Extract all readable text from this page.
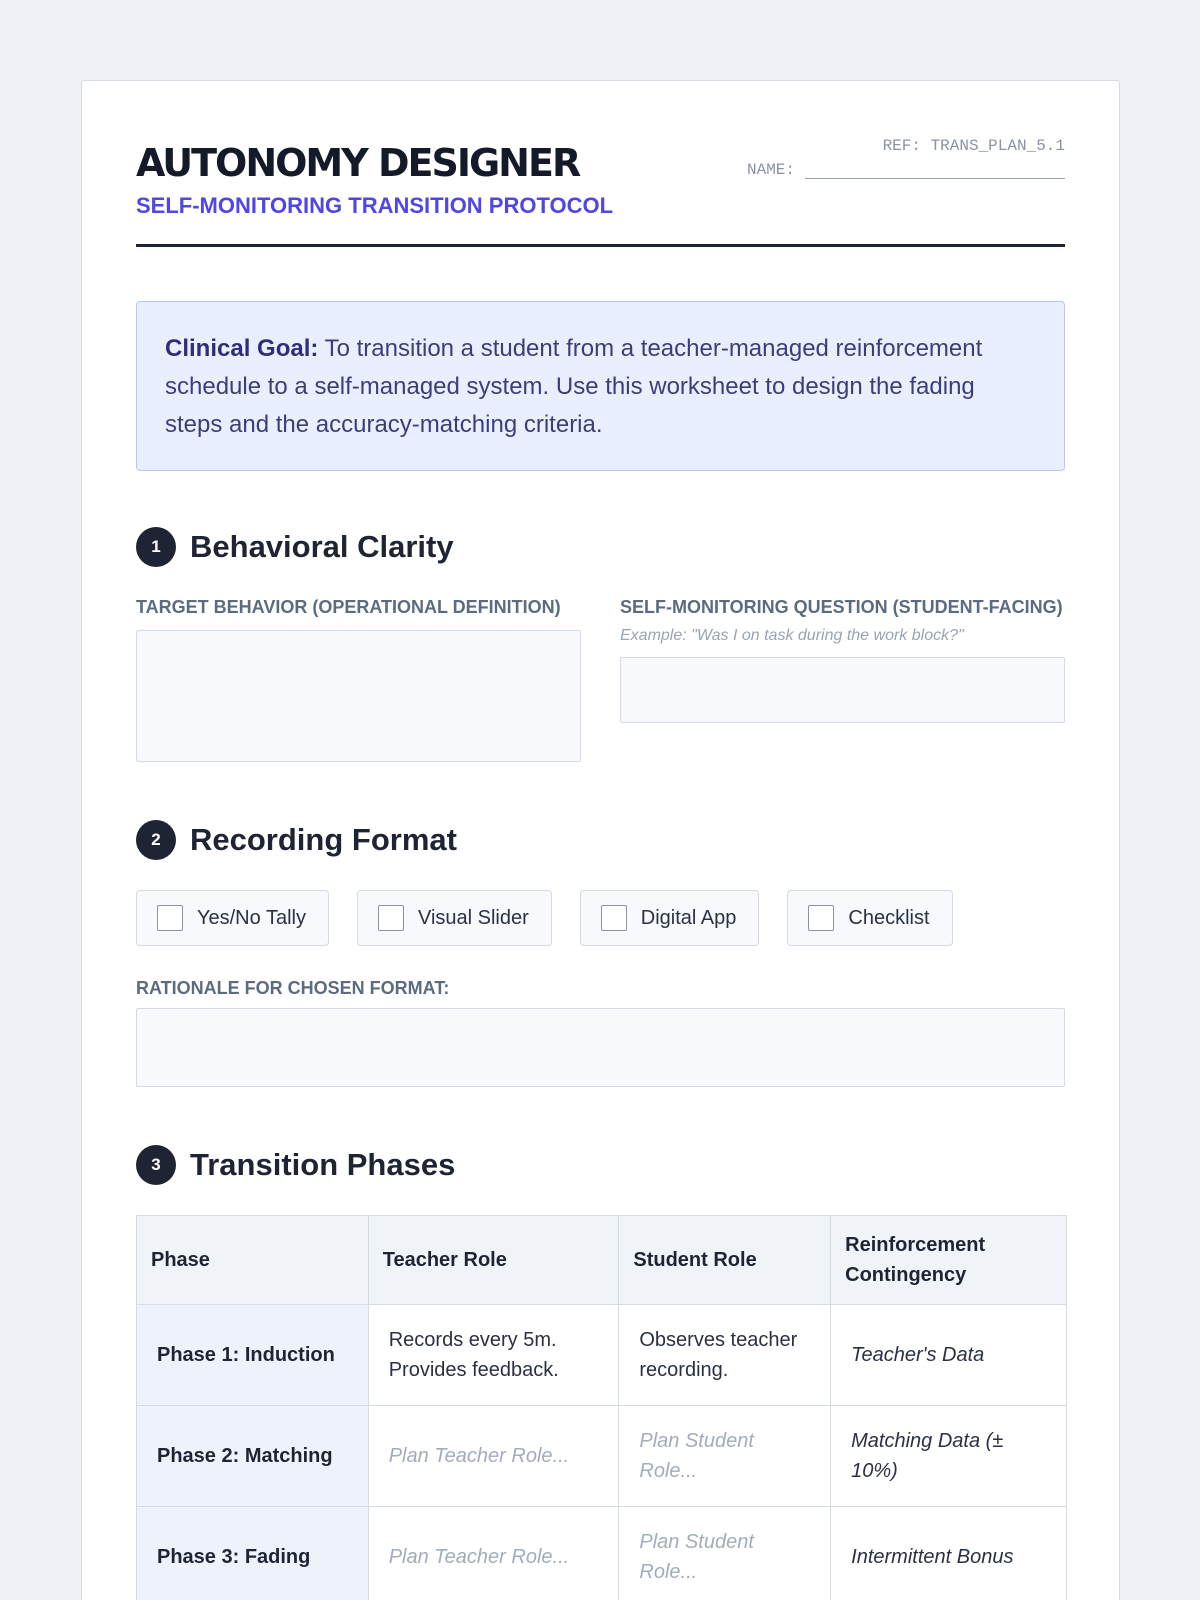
AUTONOMY DESIGNER
SELF-MONITORING TRANSITION PROTOCOL
REF: TRANS_PLAN_5.1
NAME:
Clinical Goal: To transition a student from a teacher-managed reinforcement schedule to a self-managed system. Use this worksheet to design the fading steps and the accuracy-matching criteria.
1 Behavioral Clarity
TARGET BEHAVIOR (OPERATIONAL DEFINITION)	SELF-MONITORING QUESTION (STUDENT-FACING)
Example: "Was I on task during the work block?"
2 Recording Format
Yes/No Tally	Visual Slider	Digital App	Checklist
RATIONALE FOR CHOSEN FORMAT:
3 Transition Phases
Phase	Teacher Role	Student Role	Reinforcement Contingency
Phase 1: Induction	Records every 5m. Provides feedback.	Observes teacher recording.	Teacher's Data
Phase 2: Matching	Plan Teacher Role...	Plan Student Role...	Matching Data (± 10%)
Phase 3: Fading	Plan Teacher Role...	Plan Student Role...	Intermittent Bonus
